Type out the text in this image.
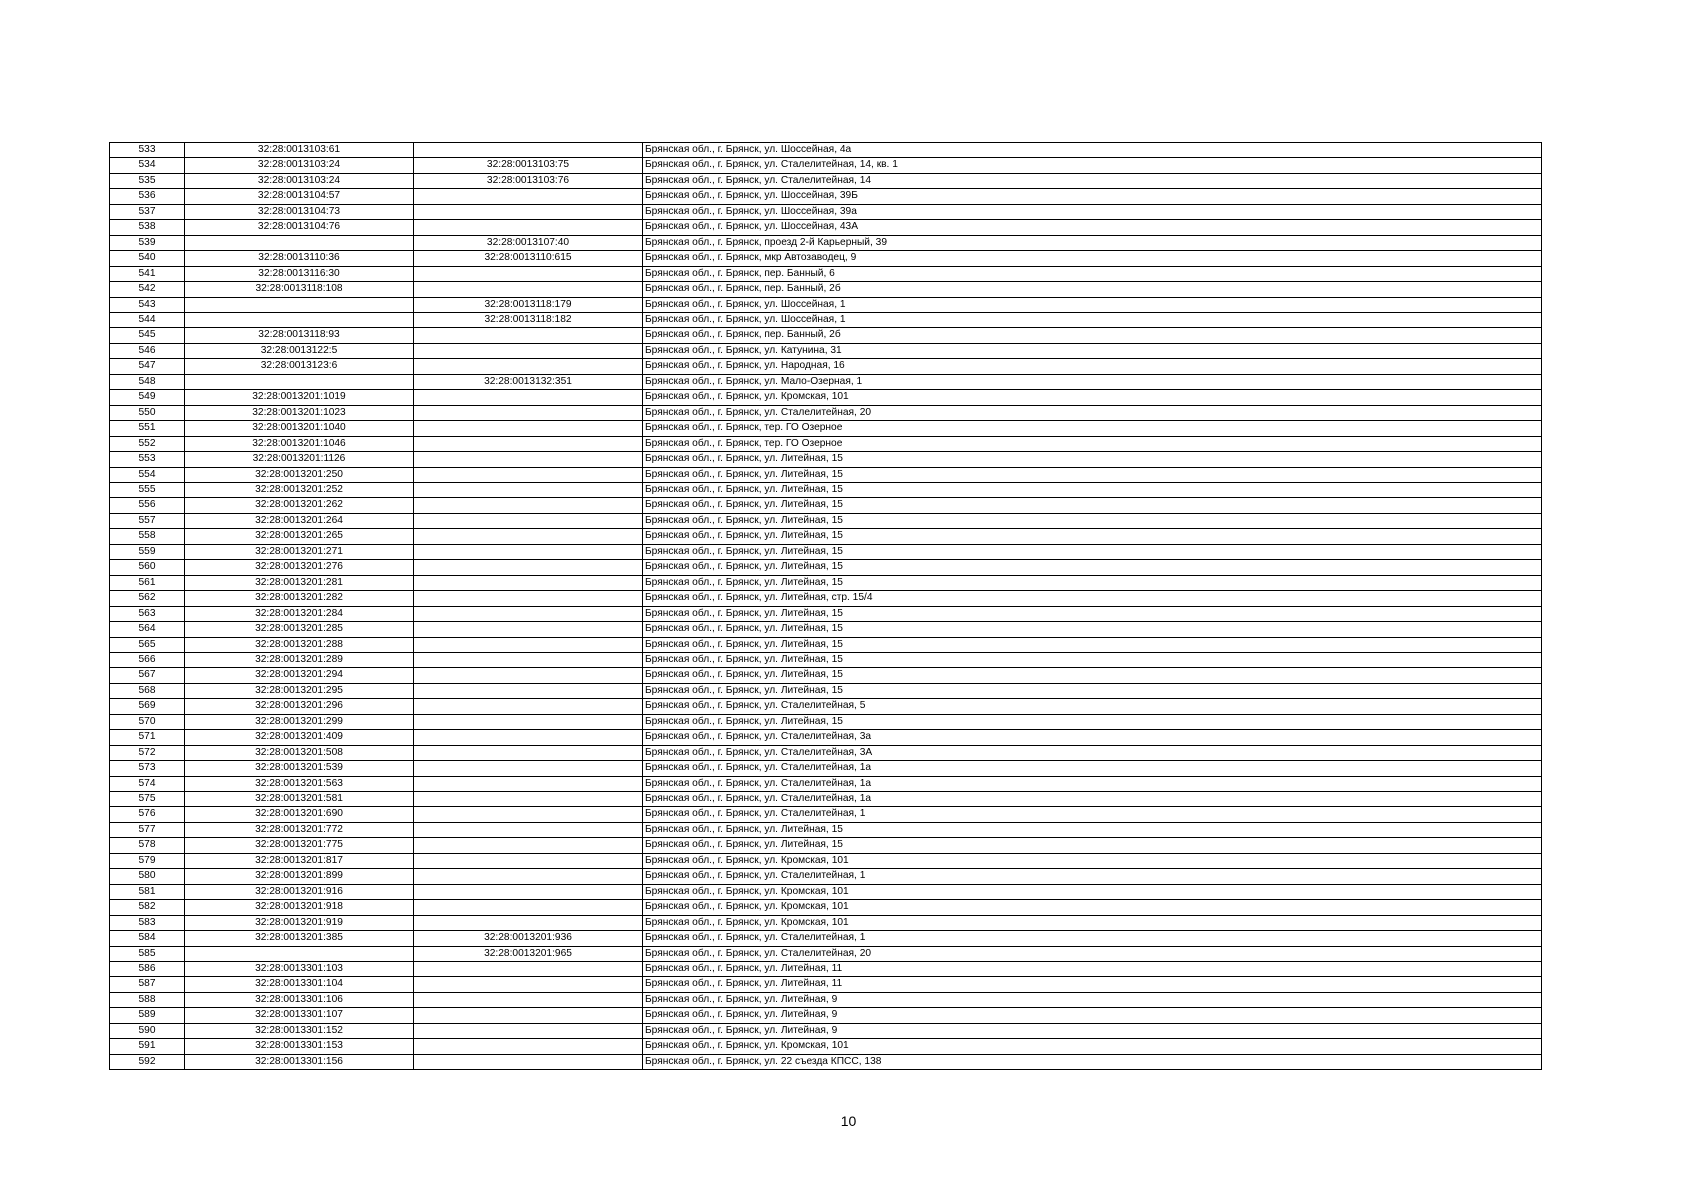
533	32:28:0013103:61		Брянская обл., г. Брянск, ул. Шоссейная, 4а
534	32:28:0013103:24	32:28:0013103:75	Брянская обл., г. Брянск, ул. Сталелитейная, 14, кв. 1
535	32:28:0013103:24	32:28:0013103:76	Брянская обл., г. Брянск, ул. Сталелитейная, 14
536	32:28:0013104:57		Брянская обл., г. Брянск, ул. Шоссейная, 39Б
537	32:28:0013104:73		Брянская обл., г. Брянск, ул. Шоссейная, 39а
538	32:28:0013104:76		Брянская обл., г. Брянск, ул. Шоссейная, 43А
539		32:28:0013107:40	Брянская обл., г. Брянск, проезд 2-й Карьерный, 39
540	32:28:0013110:36	32:28:0013110:615	Брянская обл., г. Брянск, мкр Автозаводец, 9
541	32:28:0013116:30		Брянская обл., г. Брянск, пер. Банный, 6
542	32:28:0013118:108		Брянская обл., г. Брянск, пер. Банный, 2б
543		32:28:0013118:179	Брянская обл., г. Брянск, ул. Шоссейная, 1
544		32:28:0013118:182	Брянская обл., г. Брянск, ул. Шоссейная, 1
545	32:28:0013118:93		Брянская обл., г. Брянск, пер. Банный, 2б
546	32:28:0013122:5		Брянская обл., г. Брянск, ул. Катунина, 31
547	32:28:0013123:6		Брянская обл., г. Брянск, ул. Народная, 16
548		32:28:0013132:351	Брянская обл., г. Брянск, ул. Мало-Озерная, 1
549	32:28:0013201:1019		Брянская обл., г. Брянск, ул. Кромская, 101
550	32:28:0013201:1023		Брянская обл., г. Брянск, ул. Сталелитейная, 20
551	32:28:0013201:1040		Брянская обл., г. Брянск, тер. ГО Озерное
552	32:28:0013201:1046		Брянская обл., г. Брянск, тер. ГО Озерное
553	32:28:0013201:1126		Брянская обл., г. Брянск, ул. Литейная, 15
554	32:28:0013201:250		Брянская обл., г. Брянск, ул. Литейная, 15
555	32:28:0013201:252		Брянская обл., г. Брянск, ул. Литейная, 15
556	32:28:0013201:262		Брянская обл., г. Брянск, ул. Литейная, 15
557	32:28:0013201:264		Брянская обл., г. Брянск, ул. Литейная, 15
558	32:28:0013201:265		Брянская обл., г. Брянск, ул. Литейная, 15
559	32:28:0013201:271		Брянская обл., г. Брянск, ул. Литейная, 15
560	32:28:0013201:276		Брянская обл., г. Брянск, ул. Литейная, 15
561	32:28:0013201:281		Брянская обл., г. Брянск, ул. Литейная, 15
562	32:28:0013201:282		Брянская обл., г. Брянск, ул. Литейная, стр. 15/4
563	32:28:0013201:284		Брянская обл., г. Брянск, ул. Литейная, 15
564	32:28:0013201:285		Брянская обл., г. Брянск, ул. Литейная, 15
565	32:28:0013201:288		Брянская обл., г. Брянск, ул. Литейная, 15
566	32:28:0013201:289		Брянская обл., г. Брянск, ул. Литейная, 15
567	32:28:0013201:294		Брянская обл., г. Брянск, ул. Литейная, 15
568	32:28:0013201:295		Брянская обл., г. Брянск, ул. Литейная, 15
569	32:28:0013201:296		Брянская обл., г. Брянск, ул. Сталелитейная, 5
570	32:28:0013201:299		Брянская обл., г. Брянск, ул. Литейная, 15
571	32:28:0013201:409		Брянская обл., г. Брянск, ул. Сталелитейная, 3а
572	32:28:0013201:508		Брянская обл., г. Брянск, ул. Сталелитейная, 3А
573	32:28:0013201:539		Брянская обл., г. Брянск, ул. Сталелитейная, 1а
574	32:28:0013201:563		Брянская обл., г. Брянск, ул. Сталелитейная, 1а
575	32:28:0013201:581		Брянская обл., г. Брянск, ул. Сталелитейная, 1а
576	32:28:0013201:690		Брянская обл., г. Брянск, ул. Сталелитейная, 1
577	32:28:0013201:772		Брянская обл., г. Брянск, ул. Литейная, 15
578	32:28:0013201:775		Брянская обл., г. Брянск, ул. Литейная, 15
579	32:28:0013201:817		Брянская обл., г. Брянск, ул. Кромская, 101
580	32:28:0013201:899		Брянская обл., г. Брянск, ул. Сталелитейная, 1
581	32:28:0013201:916		Брянская обл., г. Брянск, ул. Кромская, 101
582	32:28:0013201:918		Брянская обл., г. Брянск, ул. Кромская, 101
583	32:28:0013201:919		Брянская обл., г. Брянск, ул. Кромская, 101
584	32:28:0013201:385	32:28:0013201:936	Брянская обл., г. Брянск, ул. Сталелитейная, 1
585		32:28:0013201:965	Брянская обл., г. Брянск, ул. Сталелитейная, 20
586	32:28:0013301:103		Брянская обл., г. Брянск, ул. Литейная, 11
587	32:28:0013301:104		Брянская обл., г. Брянск, ул. Литейная, 11
588	32:28:0013301:106		Брянская обл., г. Брянск, ул. Литейная, 9
589	32:28:0013301:107		Брянская обл., г. Брянск, ул. Литейная, 9
590	32:28:0013301:152		Брянская обл., г. Брянск, ул. Литейная, 9
591	32:28:0013301:153		Брянская обл., г. Брянск, ул. Кромская, 101
592	32:28:0013301:156		Брянская обл., г. Брянск, ул. 22 съезда КПСС, 138
10
